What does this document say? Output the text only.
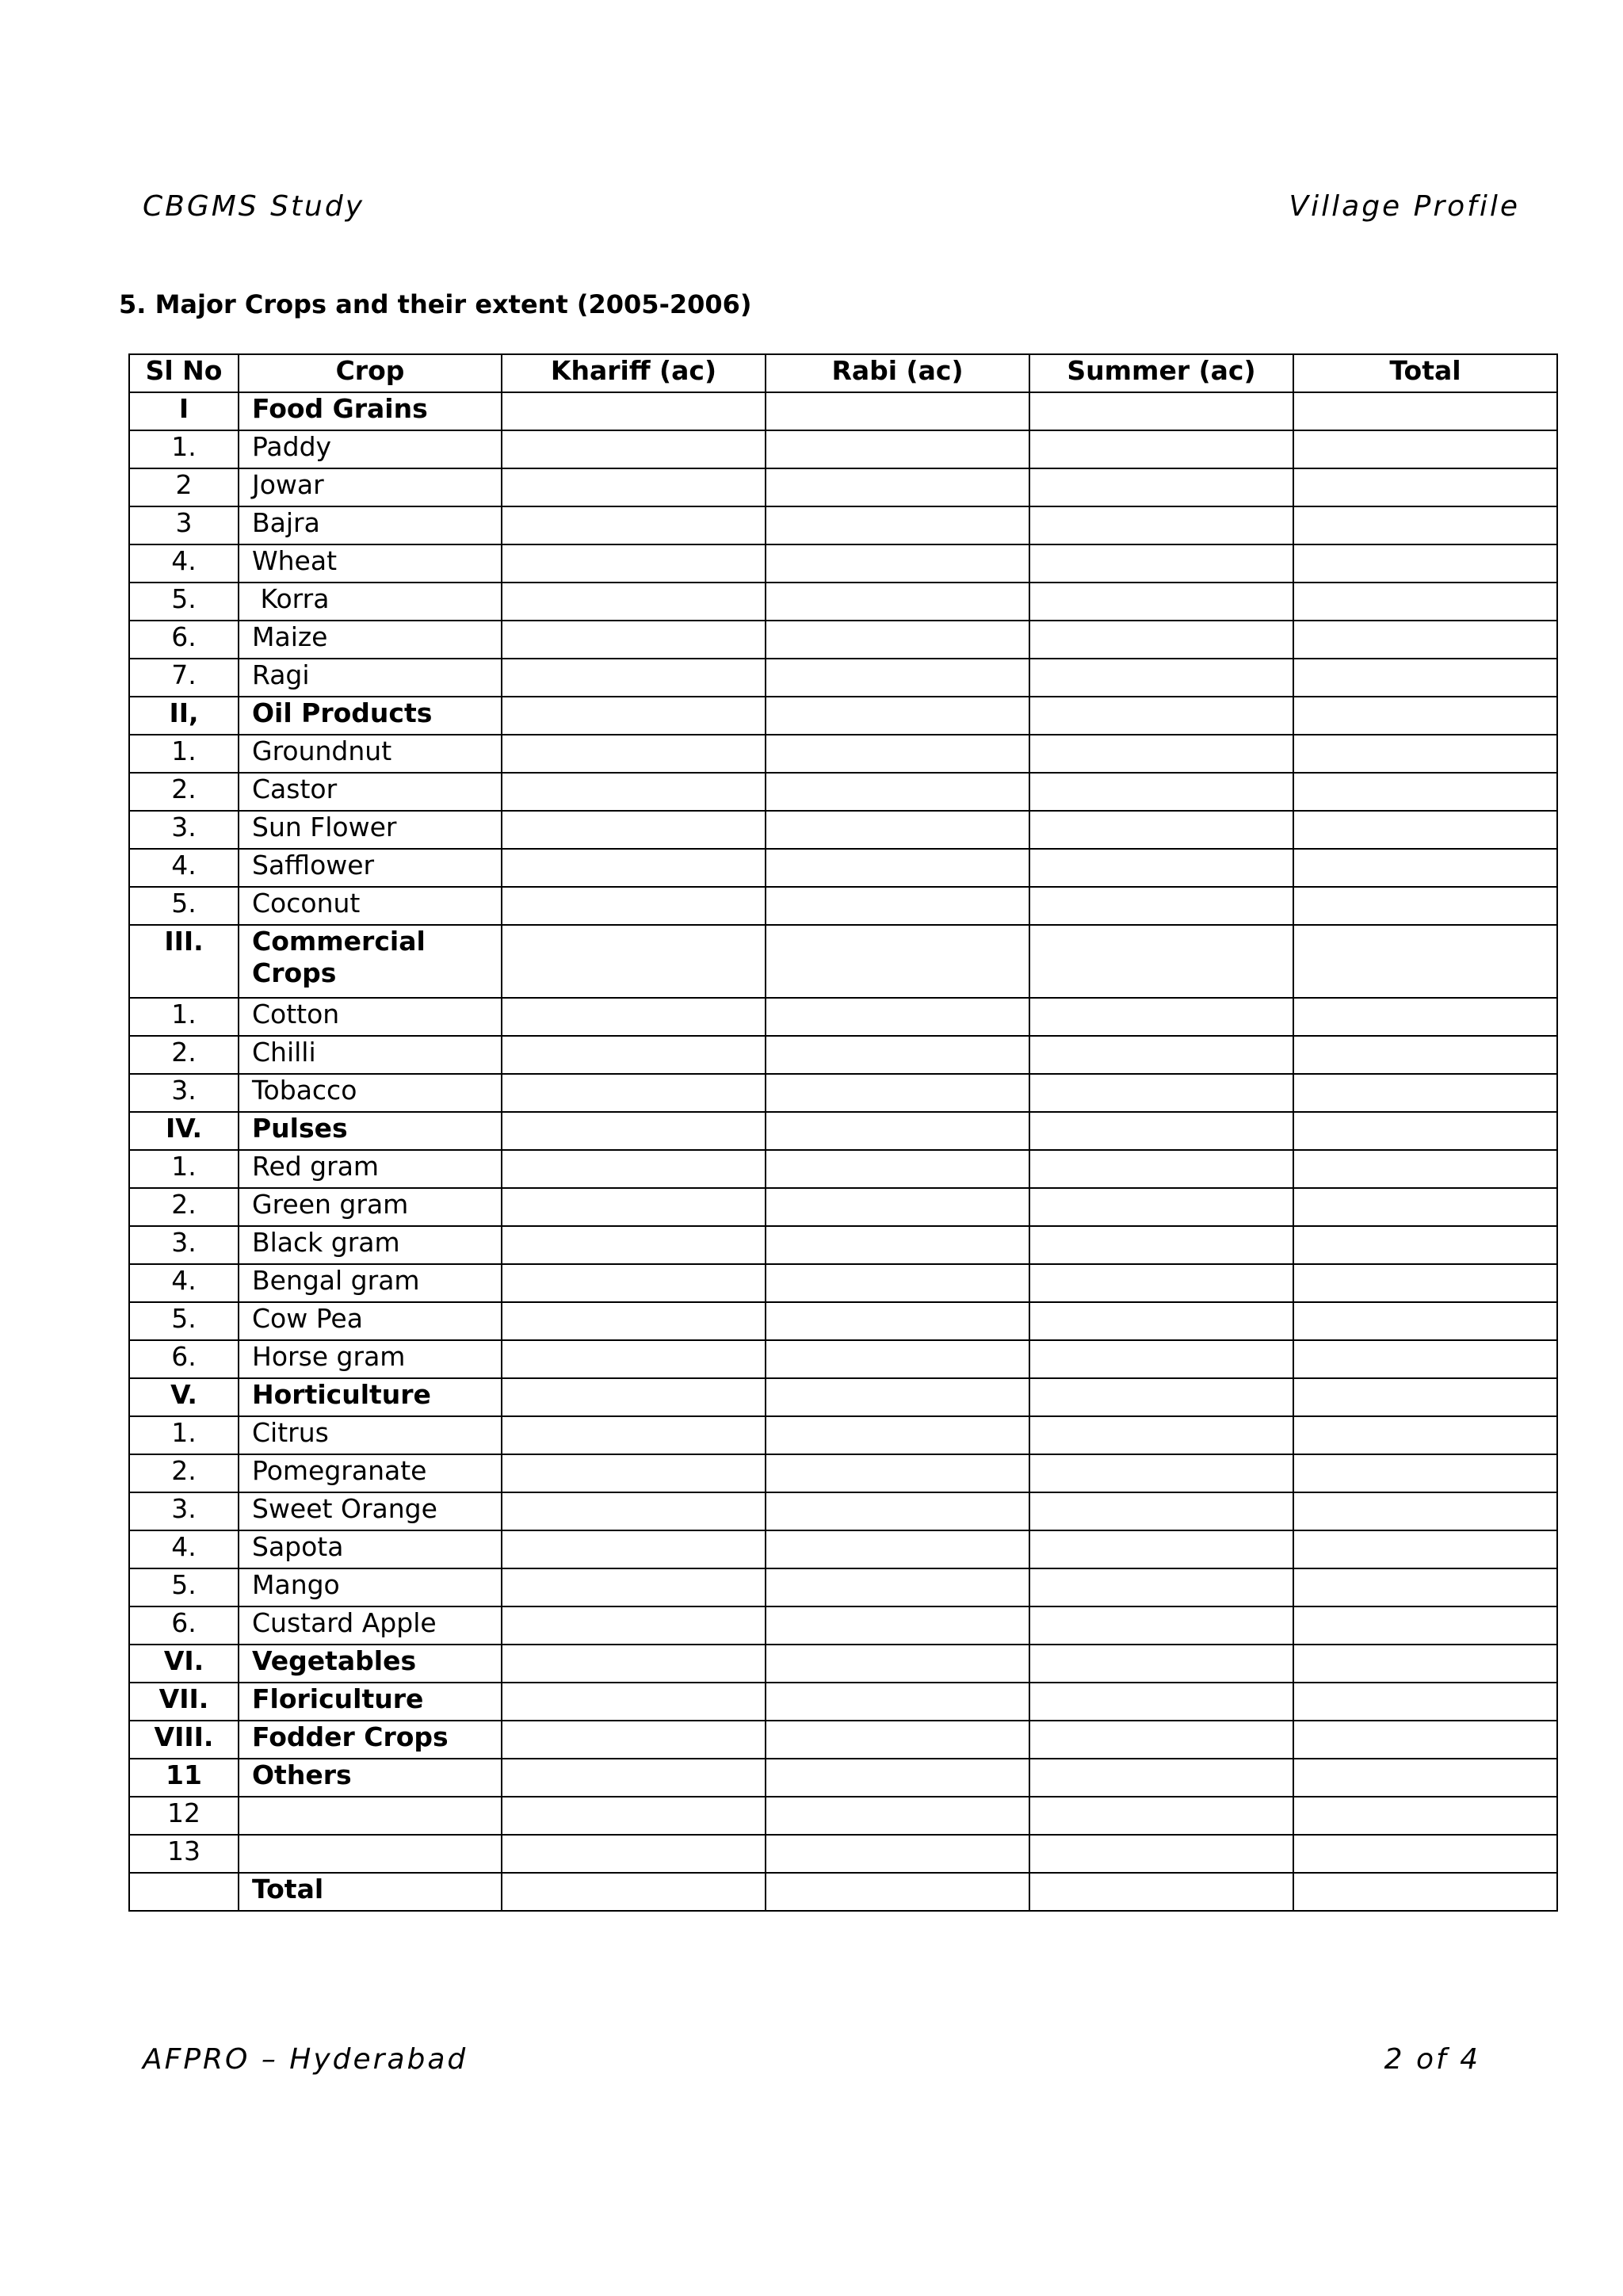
CBGMS Study	Village Profile
5. Major Crops and their extent (2005-2006)
Sl No	Crop	Khariff (ac)	Rabi (ac)	Summer (ac)	Total
I	Food Grains				
1.	Paddy				
2	Jowar				
3	Bajra				
4.	Wheat				
5.	Korra				
6.	Maize				
7.	Ragi				
II,	Oil Products				
1.	Groundnut				
2.	Castor				
3.	Sun Flower				
4.	Safflower				
5.	Coconut				
III.	Commercial Crops				
1.	Cotton				
2.	Chilli				
3.	Tobacco				
IV.	Pulses				
1.	Red gram				
2.	Green gram				
3.	Black gram				
4.	Bengal gram				
5.	Cow Pea				
6.	Horse gram				
V.	Horticulture				
1.	Citrus				
2.	Pomegranate				
3.	Sweet Orange				
4.	Sapota				
5.	Mango				
6.	Custard Apple				
VI.	Vegetables				
VII.	Floriculture				
VIII.	Fodder Crops				
11	Others				
12					
13					
	Total				
AFPRO – Hyderabad	2 of 4
